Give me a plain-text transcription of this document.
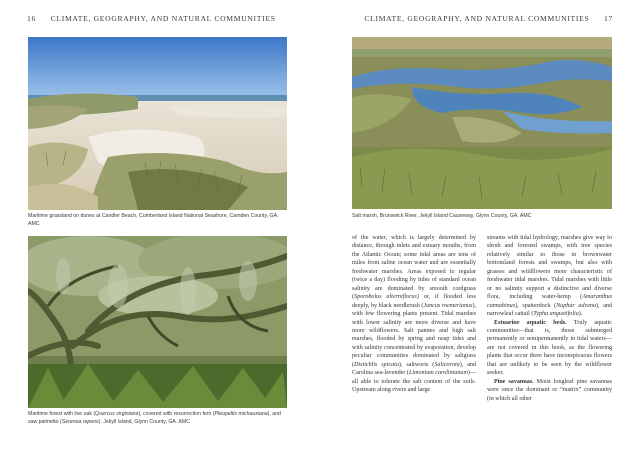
16 CLIMATE, GEOGRAPHY, AND NATURAL COMMUNITIES
Maritime grassland on dunes at Candler Beach, Cumberland Island National Seashore, Camden County, GA. AMC
Maritime forest with live oak (Quercus virginiana), covered with resurrection fern (Pleopeltis michauxiana), and saw palmetto (Serenoa repens). Jekyll Island, Glynn County, GA. AMC
CLIMATE, GEOGRAPHY, AND NATURAL COMMUNITIES 17
Salt marsh, Brunswick River, Jekyll Island Causeway, Glynn County, GA. AMC

of the water, which is largely determined by distance, through inlets and estuary mouths, from the Atlantic Ocean; some tidal areas are tens of miles from saline ocean water and are essentially freshwater marshes. Areas exposed to regular (twice a day) flooding by tides of standard ocean salinity are dominated by smooth cordgrass (Sporobolus alterniflorus) or, if flooded less deeply, by black needlerush (Juncus roemerianus), with few flowering plants present. Tidal marshes with lower salinity are more diverse and have more wildflowers. Salt pannes and high salt marshes, flooded by spring and neap tides and with salinity concentrated by evaporation, develop peculiar communities dominated by saltgrass (Distichlis spicata), saltworts (Salicornia), and Carolina sea-lavender (Limonium carolinianum)—all able to tolerate the salt content of the soils. Upstream along rivers and large

streams with tidal hydrology, marshes give way to shrub and forested swamps, with tree species relatively similar to those in brownwater bottomland forests and swamps, but also with grasses and wildflowers more characteristic of freshwater tidal marshes. Tidal marshes with little or no salinity support a distinctive and diverse flora, including water-hemp (Amaranthus cannabinus), spatterdock (Nuphar advena), and narrowleaf cattail (Typha angustifolia).

Estuarine aquatic beds. Truly aquatic communities—that is, those submerged permanently or semipermanently in tidal waters—are not covered in this book, as the flowering plants that occur there have inconspicuous flowers that are unlikely to be seen by the wildflower seeker.

Pine savannas. Moist longleaf pine savannas were once the dominant or “matrix” community (in which all other
